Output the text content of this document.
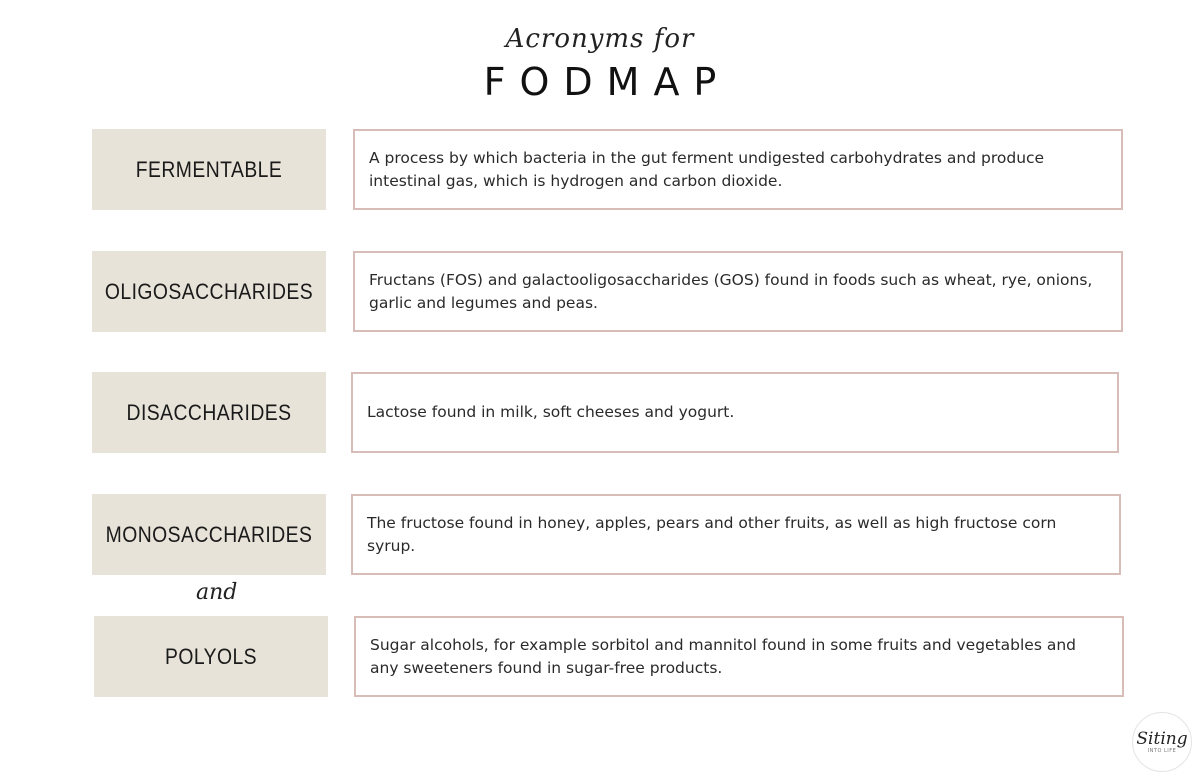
Acronyms for
FODMAP
FERMENTABLE	A process by which bacteria in the gut ferment undigested carbohydrates and produce intestinal gas, which is hydrogen and carbon dioxide.
OLIGOSACCHARIDES	Fructans (FOS) and galactooligosaccharides (GOS) found in foods such as wheat, rye, onions, garlic and legumes and peas.
DISACCHARIDES	Lactose found in milk, soft cheeses and yogurt.
MONOSACCHARIDES	The fructose found in honey, apples, pears and other fruits, as well as high fructose corn syrup.
and
POLYOLS	Sugar alcohols, for example sorbitol and mannitol found in some fruits and vegetables and any sweeteners found in sugar-free products.
Siting
INTO LIFE
